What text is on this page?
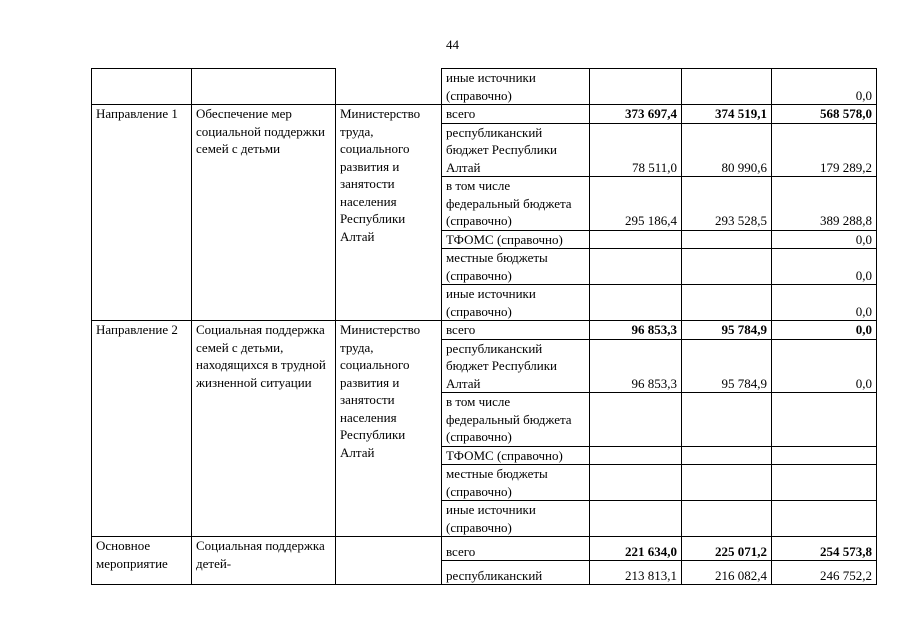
44
			иные источники (справочно)			0,0
Направление 1	Обеспечение мер социальной поддержки семей с детьми	Министерство труда, социального развития и занятости населения Республики Алтай	всего	373 697,4	374 519,1	568 578,0
			республиканский бюджет Республики Алтай	78 511,0	80 990,6	179 289,2
			в том числе федеральный бюджета (справочно)	295 186,4	293 528,5	389 288,8
			ТФОМС (справочно)			0,0
			местные бюджеты (справочно)			0,0
			иные источники (справочно)			0,0
Направление 2	Социальная поддержка семей с детьми, находящихся в трудной жизненной ситуации	Министерство труда, социального развития и занятости населения Республики Алтай	всего	96 853,3	95 784,9	0,0
			республиканский бюджет Республики Алтай	96 853,3	95 784,9	0,0
			в том числе федеральный бюджета (справочно)			
			ТФОМС (справочно)			
			местные бюджеты (справочно)			
			иные источники (справочно)			
Основное мероприятие	Социальная поддержка детей-		всего	221 634,0	225 071,2	254 573,8
			республиканский	213 813,1	216 082,4	246 752,2
